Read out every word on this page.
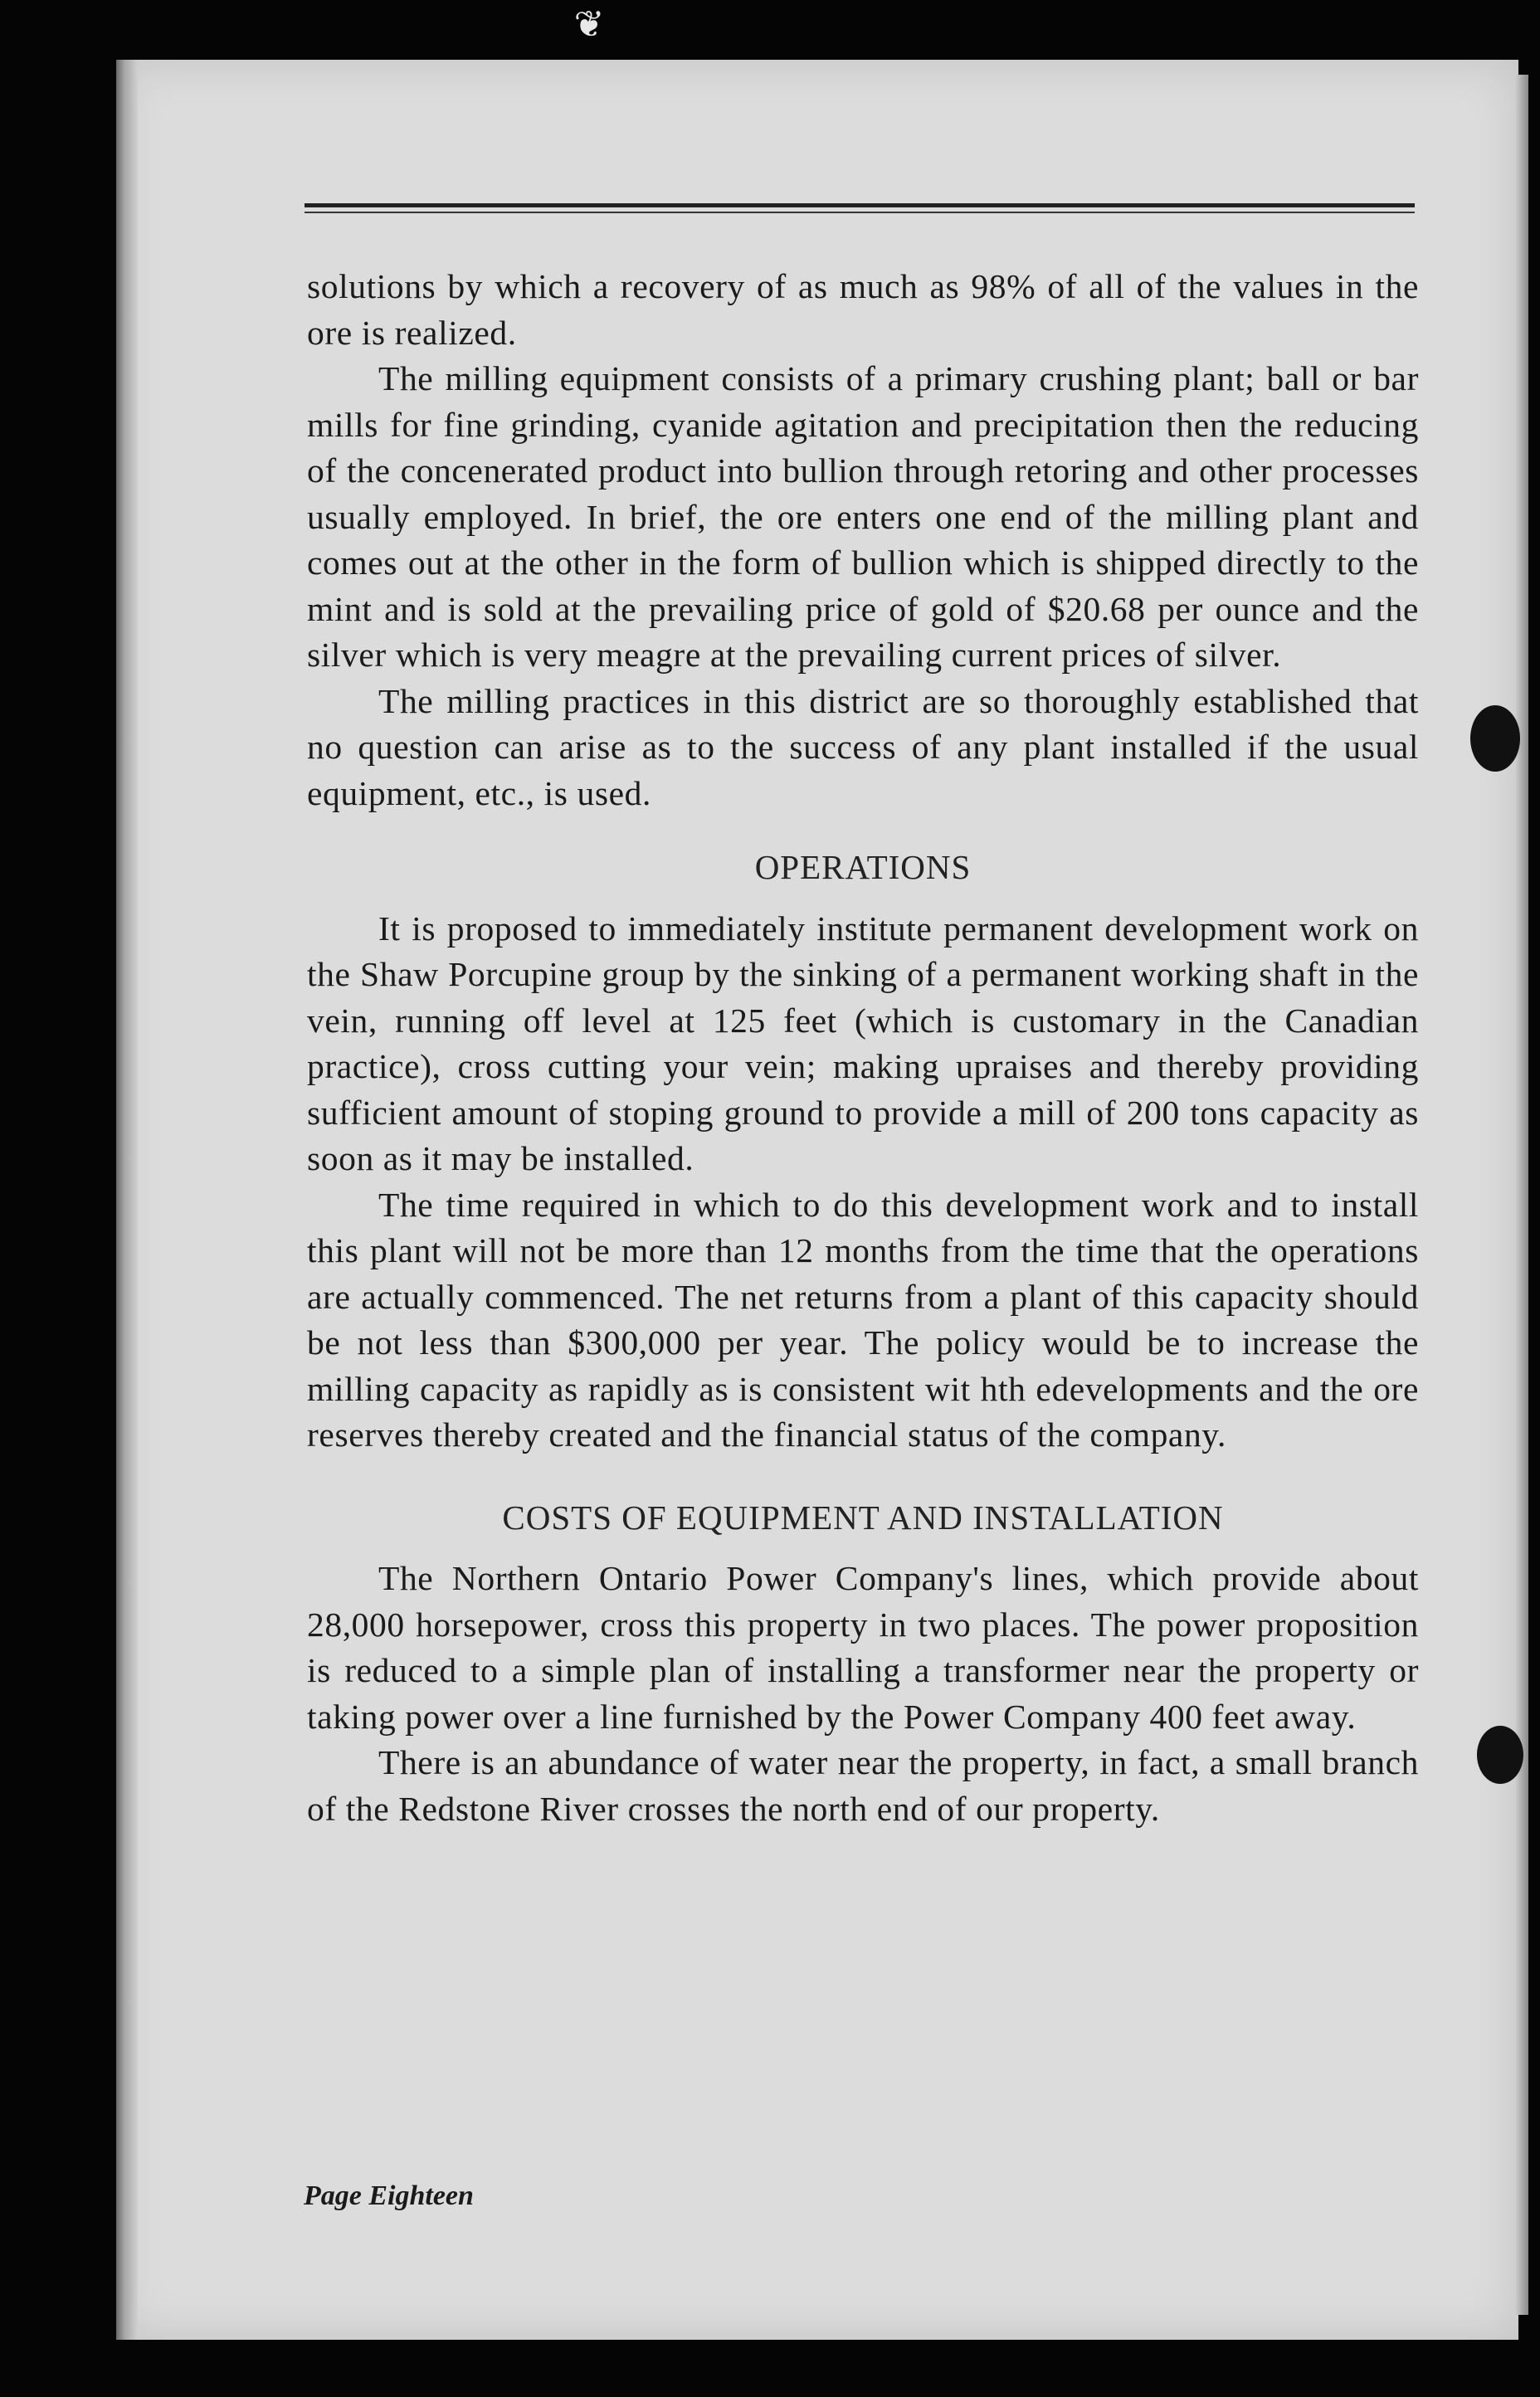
❦

solutions by which a recovery of as much as 98% of all of the values in the ore is realized.

The milling equipment consists of a primary crushing plant; ball or bar mills for fine grinding, cyanide agitation and precipitation then the reducing of the concenerated product into bullion through retoring and other processes usually employed. In brief, the ore enters one end of the milling plant and comes out at the other in the form of bullion which is shipped directly to the mint and is sold at the prevailing price of gold of $20.68 per ounce and the silver which is very meagre at the prevailing current prices of silver.

The milling practices in this district are so thoroughly established that no question can arise as to the success of any plant installed if the usual equipment, etc., is used.

OPERATIONS

It is proposed to immediately institute permanent development work on the Shaw Porcupine group by the sinking of a permanent working shaft in the vein, running off level at 125 feet (which is customary in the Canadian practice), cross cutting your vein; making upraises and thereby providing sufficient amount of stoping ground to provide a mill of 200 tons capacity as soon as it may be installed.

The time required in which to do this development work and to install this plant will not be more than 12 months from the time that the operations are actually commenced. The net returns from a plant of this capacity should be not less than $300,000 per year. The policy would be to increase the milling capacity as rapidly as is consistent wit hth edevelopments and the ore reserves thereby created and the financial status of the company.

COSTS OF EQUIPMENT AND INSTALLATION

The Northern Ontario Power Company's lines, which provide about 28,000 horsepower, cross this property in two places. The power proposition is reduced to a simple plan of installing a transformer near the property or taking power over a line furnished by the Power Company 400 feet away.

There is an abundance of water near the property, in fact, a small branch of the Redstone River crosses the north end of our property.

Page Eighteen
